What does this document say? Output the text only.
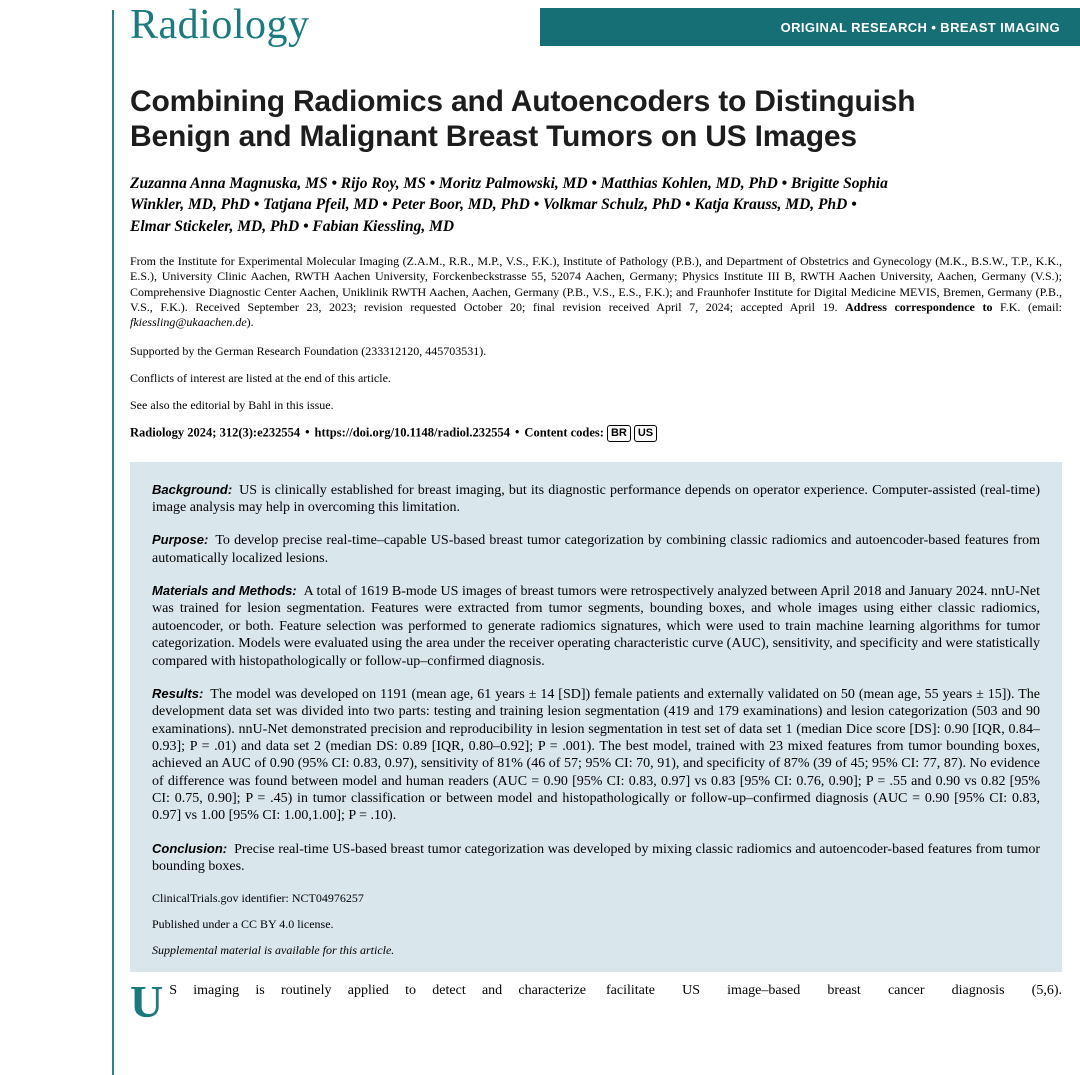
Radiology	ORIGINAL RESEARCH • BREAST IMAGING
Combining Radiomics and Autoencoders to Distinguish Benign and Malignant Breast Tumors on US Images

Zuzanna Anna Magnuska, MS • Rijo Roy, MS • Moritz Palmowski, MD • Matthias Kohlen, MD, PhD • Brigitte Sophia Winkler, MD, PhD • Tatjana Pfeil, MD • Peter Boor, MD, PhD • Volkmar Schulz, PhD • Katja Krauss, MD, PhD • Elmar Stickeler, MD, PhD • Fabian Kiessling, MD

From the Institute for Experimental Molecular Imaging (Z.A.M., R.R., M.P., V.S., F.K.), Institute of Pathology (P.B.), and Department of Obstetrics and Gynecology (M.K., B.S.W., T.P., K.K., E.S.), University Clinic Aachen, RWTH Aachen University, Forckenbeckstrasse 55, 52074 Aachen, Germany; Physics Institute III B, RWTH Aachen University, Aachen, Germany (V.S.); Comprehensive Diagnostic Center Aachen, Uniklinik RWTH Aachen, Aachen, Germany (P.B., V.S., E.S., F.K.); and Fraunhofer Institute for Digital Medicine MEVIS, Bremen, Germany (P.B., V.S., F.K.). Received September 23, 2023; revision requested October 20; final revision received April 7, 2024; accepted April 19. Address correspondence to F.K. (email: fkiessling@ukaachen.de).

Supported by the German Research Foundation (233312120, 445703531).

Conflicts of interest are listed at the end of this article.

See also the editorial by Bahl in this issue.

Radiology 2024; 312(3):e232554 • https://doi.org/10.1148/radiol.232554 • Content codes: BR US

Background: US is clinically established for breast imaging, but its diagnostic performance depends on operator experience. Computer-assisted (real-time) image analysis may help in overcoming this limitation.

Purpose: To develop precise real-time–capable US-based breast tumor categorization by combining classic radiomics and autoencoder-based features from automatically localized lesions.

Materials and Methods: A total of 1619 B-mode US images of breast tumors were retrospectively analyzed between April 2018 and January 2024. nnU-Net was trained for lesion segmentation. Features were extracted from tumor segments, bounding boxes, and whole images using either classic radiomics, autoencoder, or both. Feature selection was performed to generate radiomics signatures, which were used to train machine learning algorithms for tumor categorization. Models were evaluated using the area under the receiver operating characteristic curve (AUC), sensitivity, and specificity and were statistically compared with histopathologically or follow-up–confirmed diagnosis.

Results: The model was developed on 1191 (mean age, 61 years ± 14 [SD]) female patients and externally validated on 50 (mean age, 55 years ± 15]). The development data set was divided into two parts: testing and training lesion segmentation (419 and 179 examinations) and lesion categorization (503 and 90 examinations). nnU-Net demonstrated precision and reproducibility in lesion segmentation in test set of data set 1 (median Dice score [DS]: 0.90 [IQR, 0.84–0.93]; P = .01) and data set 2 (median DS: 0.89 [IQR, 0.80–0.92]; P = .001). The best model, trained with 23 mixed features from tumor bounding boxes, achieved an AUC of 0.90 (95% CI: 0.83, 0.97), sensitivity of 81% (46 of 57; 95% CI: 70, 91), and specificity of 87% (39 of 45; 95% CI: 77, 87). No evidence of difference was found between model and human readers (AUC = 0.90 [95% CI: 0.83, 0.97] vs 0.83 [95% CI: 0.76, 0.90]; P = .55 and 0.90 vs 0.82 [95% CI: 0.75, 0.90]; P = .45) in tumor classification or between model and histopathologically or follow-up–confirmed diagnosis (AUC = 0.90 [95% CI: 0.83, 0.97] vs 1.00 [95% CI: 1.00,1.00]; P = .10).

Conclusion: Precise real-time US-based breast tumor categorization was developed by mixing classic radiomics and autoencoder-based features from tumor bounding boxes.

ClinicalTrials.gov identifier: NCT04976257

Published under a CC BY 4.0 license.

Supplemental material is available for this article.

U S imaging is routinely applied to detect and characterize facilitate US image–based breast cancer diagnosis (5,6).
